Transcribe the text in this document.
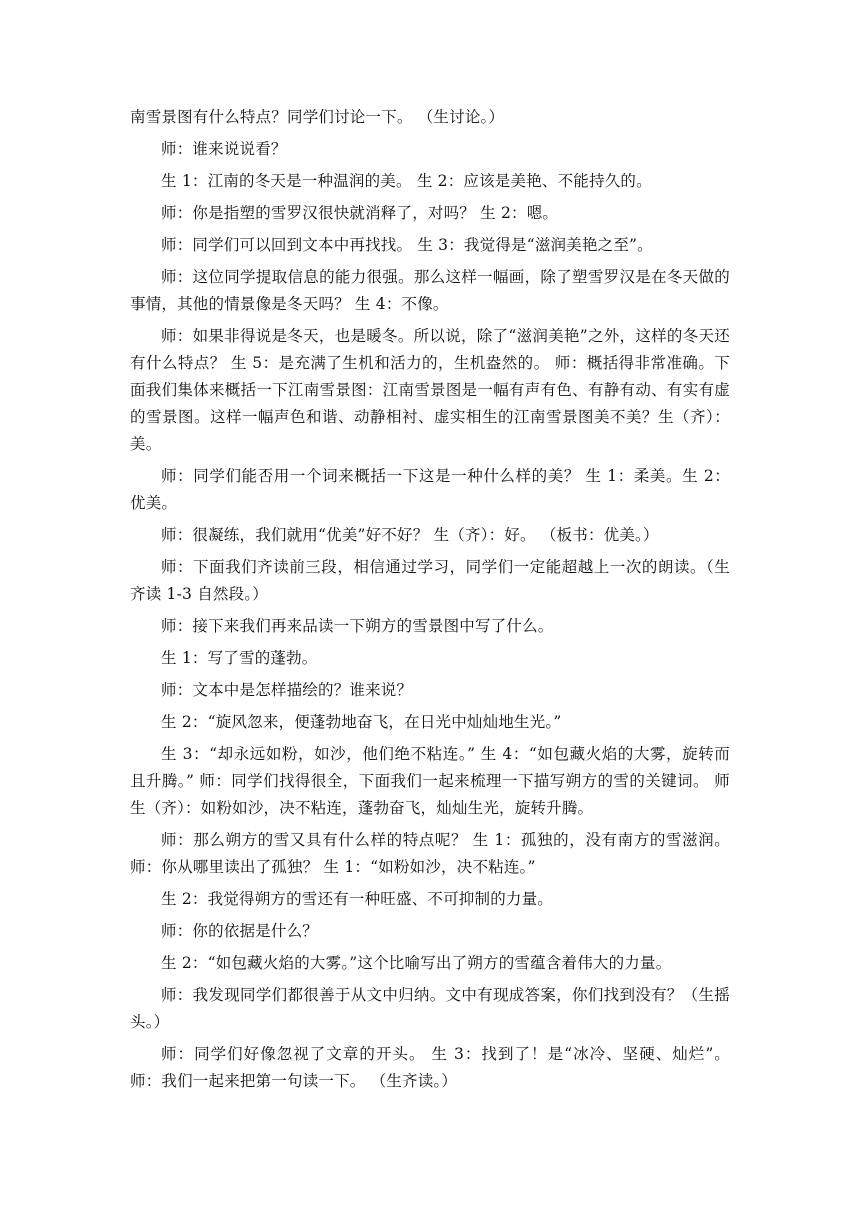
南雪景图有什么特点？同学们讨论一下。 （生讨论。）

师：谁来说说看？

生 1：江南的冬天是一种温润的美。 生 2：应该是美艳、不能持久的。

师：你是指塑的雪罗汉很快就消释了，对吗？ 生 2：嗯。

师：同学们可以回到文本中再找找。 生 3：我觉得是“滋润美艳之至”。

师：这位同学提取信息的能力很强。那么这样一幅画，除了塑雪罗汉是在冬天做的事情，其他的情景像是冬天吗？ 生 4：不像。

师：如果非得说是冬天，也是暖冬。所以说，除了“滋润美艳”之外，这样的冬天还有什么特点？ 生 5：是充满了生机和活力的，生机盎然的。 师：概括得非常准确。下面我们集体来概括一下江南雪景图：江南雪景图是一幅有声有色、有静有动、有实有虚的雪景图。这样一幅声色和谐、动静相衬、虚实相生的江南雪景图美不美？生（齐）：美。

师：同学们能否用一个词来概括一下这是一种什么样的美？ 生 1：柔美。生 2：优美。

师：很凝练，我们就用“优美”好不好？ 生（齐）：好。 （板书：优美。）

师：下面我们齐读前三段，相信通过学习，同学们一定能超越上一次的朗读。（生齐读 1-3 自然段。）

师：接下来我们再来品读一下朔方的雪景图中写了什么。

生 1：写了雪的蓬勃。

师：文本中是怎样描绘的？谁来说？

生 2：“旋风忽来，便蓬勃地奋飞，在日光中灿灿地生光。”

生 3：“却永远如粉，如沙，他们绝不粘连。” 生 4：“如包藏火焰的大雾，旋转而且升腾。” 师：同学们找得很全，下面我们一起来梳理一下描写朔方的雪的关键词。 师生（齐）：如粉如沙，决不粘连，蓬勃奋飞，灿灿生光，旋转升腾。

师：那么朔方的雪又具有什么样的特点呢？ 生 1：孤独的，没有南方的雪滋润。师：你从哪里读出了孤独？ 生 1：“如粉如沙，决不粘连。”

生 2：我觉得朔方的雪还有一种旺盛、不可抑制的力量。

师：你的依据是什么？

生 2：“如包藏火焰的大雾。”这个比喻写出了朔方的雪蕴含着伟大的力量。

师：我发现同学们都很善于从文中归纳。文中有现成答案，你们找到没有？（生摇头。）

师：同学们好像忽视了文章的开头。 生 3：找到了！是“冰冷、坚硬、灿烂”。师：我们一起来把第一句读一下。 （生齐读。）
